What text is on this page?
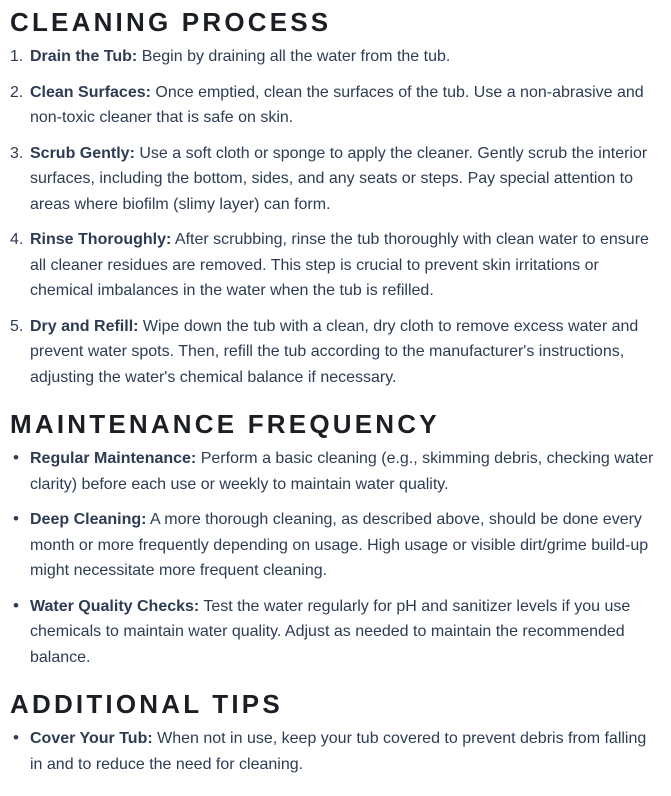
CLEANING PROCESS
1. Drain the Tub: Begin by draining all the water from the tub.
2. Clean Surfaces: Once emptied, clean the surfaces of the tub. Use a non-abrasive and non-toxic cleaner that is safe on skin.
3. Scrub Gently: Use a soft cloth or sponge to apply the cleaner. Gently scrub the interior surfaces, including the bottom, sides, and any seats or steps. Pay special attention to areas where biofilm (slimy layer) can form.
4. Rinse Thoroughly: After scrubbing, rinse the tub thoroughly with clean water to ensure all cleaner residues are removed. This step is crucial to prevent skin irritations or chemical imbalances in the water when the tub is refilled.
5. Dry and Refill: Wipe down the tub with a clean, dry cloth to remove excess water and prevent water spots. Then, refill the tub according to the manufacturer's instructions, adjusting the water's chemical balance if necessary.
MAINTENANCE FREQUENCY
• Regular Maintenance: Perform a basic cleaning (e.g., skimming debris, checking water clarity) before each use or weekly to maintain water quality.
• Deep Cleaning: A more thorough cleaning, as described above, should be done every month or more frequently depending on usage. High usage or visible dirt/grime build-up might necessitate more frequent cleaning.
• Water Quality Checks: Test the water regularly for pH and sanitizer levels if you use chemicals to maintain water quality. Adjust as needed to maintain the recommended balance.
ADDITIONAL TIPS
• Cover Your Tub: When not in use, keep your tub covered to prevent debris from falling in and to reduce the need for cleaning.
